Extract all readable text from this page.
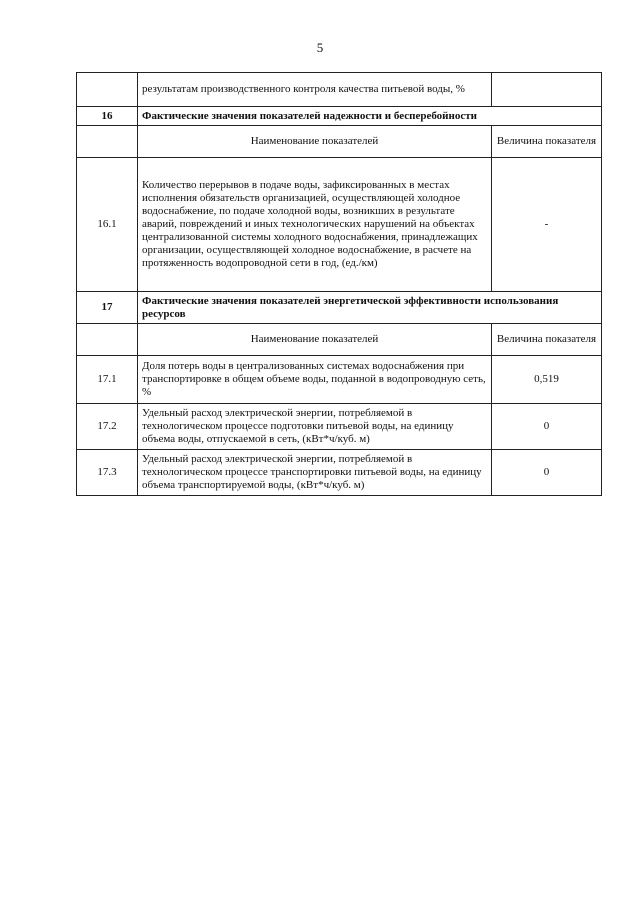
5
	результатам производственного контроля качества питьевой воды, %	
16	Фактические значения показателей надежности и бесперебойности	
	Наименование показателей	Величина показателя
16.1	Количество перерывов в подаче воды, зафиксированных в местах исполнения обязательств организацией, осуществляющей холодное водоснабжение, по подаче холодной воды, возникших в результате аварий, повреждений и иных технологических нарушений на объектах централизованной системы холодного водоснабжения, принадлежащих организации, осуществляющей холодное водоснабжение, в расчете на протяженность водопроводной сети в год, (ед./км)	-
17	Фактические значения показателей энергетической эффективности использования ресурсов	
	Наименование показателей	Величина показателя
17.1	Доля потерь воды в централизованных системах водоснабжения при транспортировке в общем объеме воды, поданной в водопроводную сеть, %	0,519
17.2	Удельный расход электрической энергии, потребляемой в технологическом процессе подготовки питьевой воды, на единицу объема воды, отпускаемой в сеть, (кВт*ч/куб. м)	0
17.3	Удельный расход электрической энергии, потребляемой в технологическом процессе транспортировки питьевой воды, на единицу объема транспортируемой воды, (кВт*ч/куб. м)	0
